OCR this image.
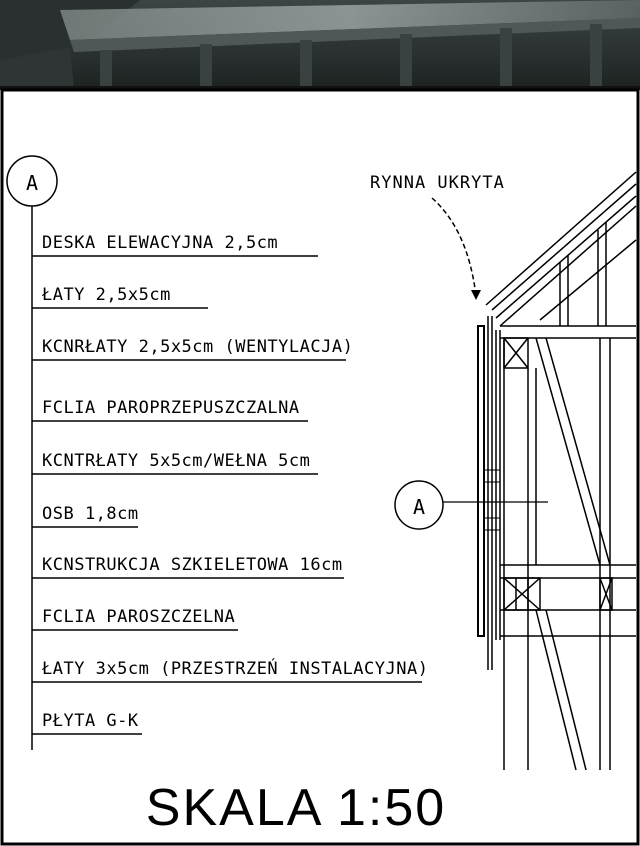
A
DESKA ELEWACYJNA 2,5cm
ŁATY 2,5x5cm
KCNRŁATY 2,5x5cm (WENTYLACJA)
FCLIA PAROPRZEPUSZCZALNA
KCNTRŁATY 5x5cm/WEŁNA 5cm
OSB 1,8cm
KCNSTRUKCJA SZKIELETOWA 16cm
FCLIA PAROSZCZELNA
ŁATY 3x5cm (PRZESTRZEŃ INSTALACYJNA)
PŁYTA G-K
RYNNA UKRYTA
A
SKALA 1:50
